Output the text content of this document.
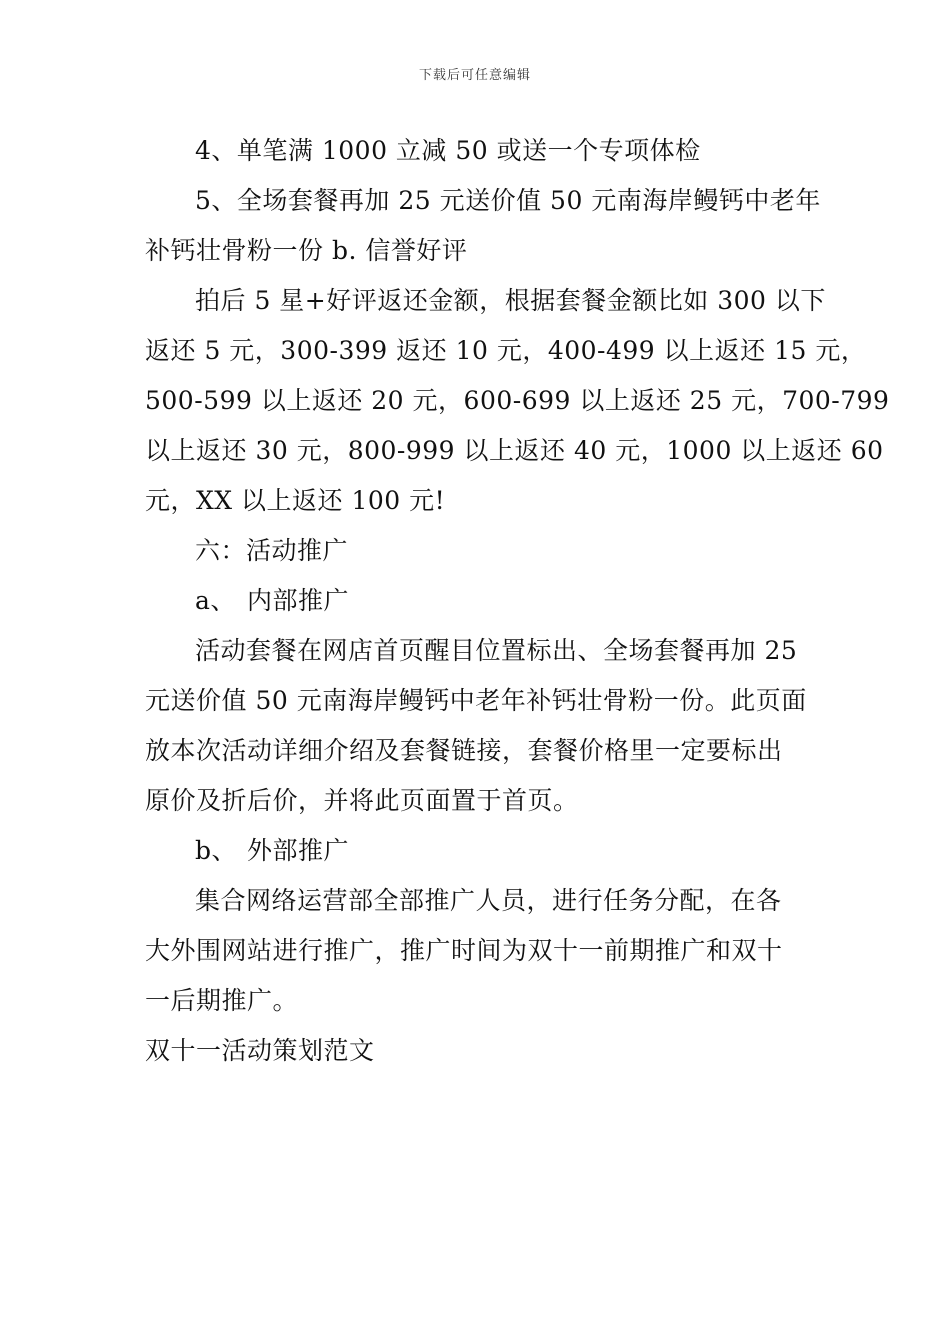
下载后可任意编辑
4、单笔满 1000 立减 50 或送一个专项体检
5、全场套餐再加 25 元送价值 50 元南海岸鳗钙中老年
补钙壮骨粉一份 b. 信誉好评
拍后 5 星+好评返还金额，根据套餐金额比如 300 以下
返还 5 元，300-399 返还 10 元，400-499 以上返还 15 元，
500-599 以上返还 20 元，600-699 以上返还 25 元，700-799
以上返还 30 元，800-999 以上返还 40 元，1000 以上返还 60
元，XX 以上返还 100 元!
六：活动推广
a、 内部推广
活动套餐在网店首页醒目位置标出、全场套餐再加 25
元送价值 50 元南海岸鳗钙中老年补钙壮骨粉一份。此页面
放本次活动详细介绍及套餐链接，套餐价格里一定要标出
原价及折后价，并将此页面置于首页。
b、 外部推广
集合网络运营部全部推广人员，进行任务分配，在各
大外围网站进行推广，推广时间为双十一前期推广和双十
一后期推广。
双十一活动策划范文
